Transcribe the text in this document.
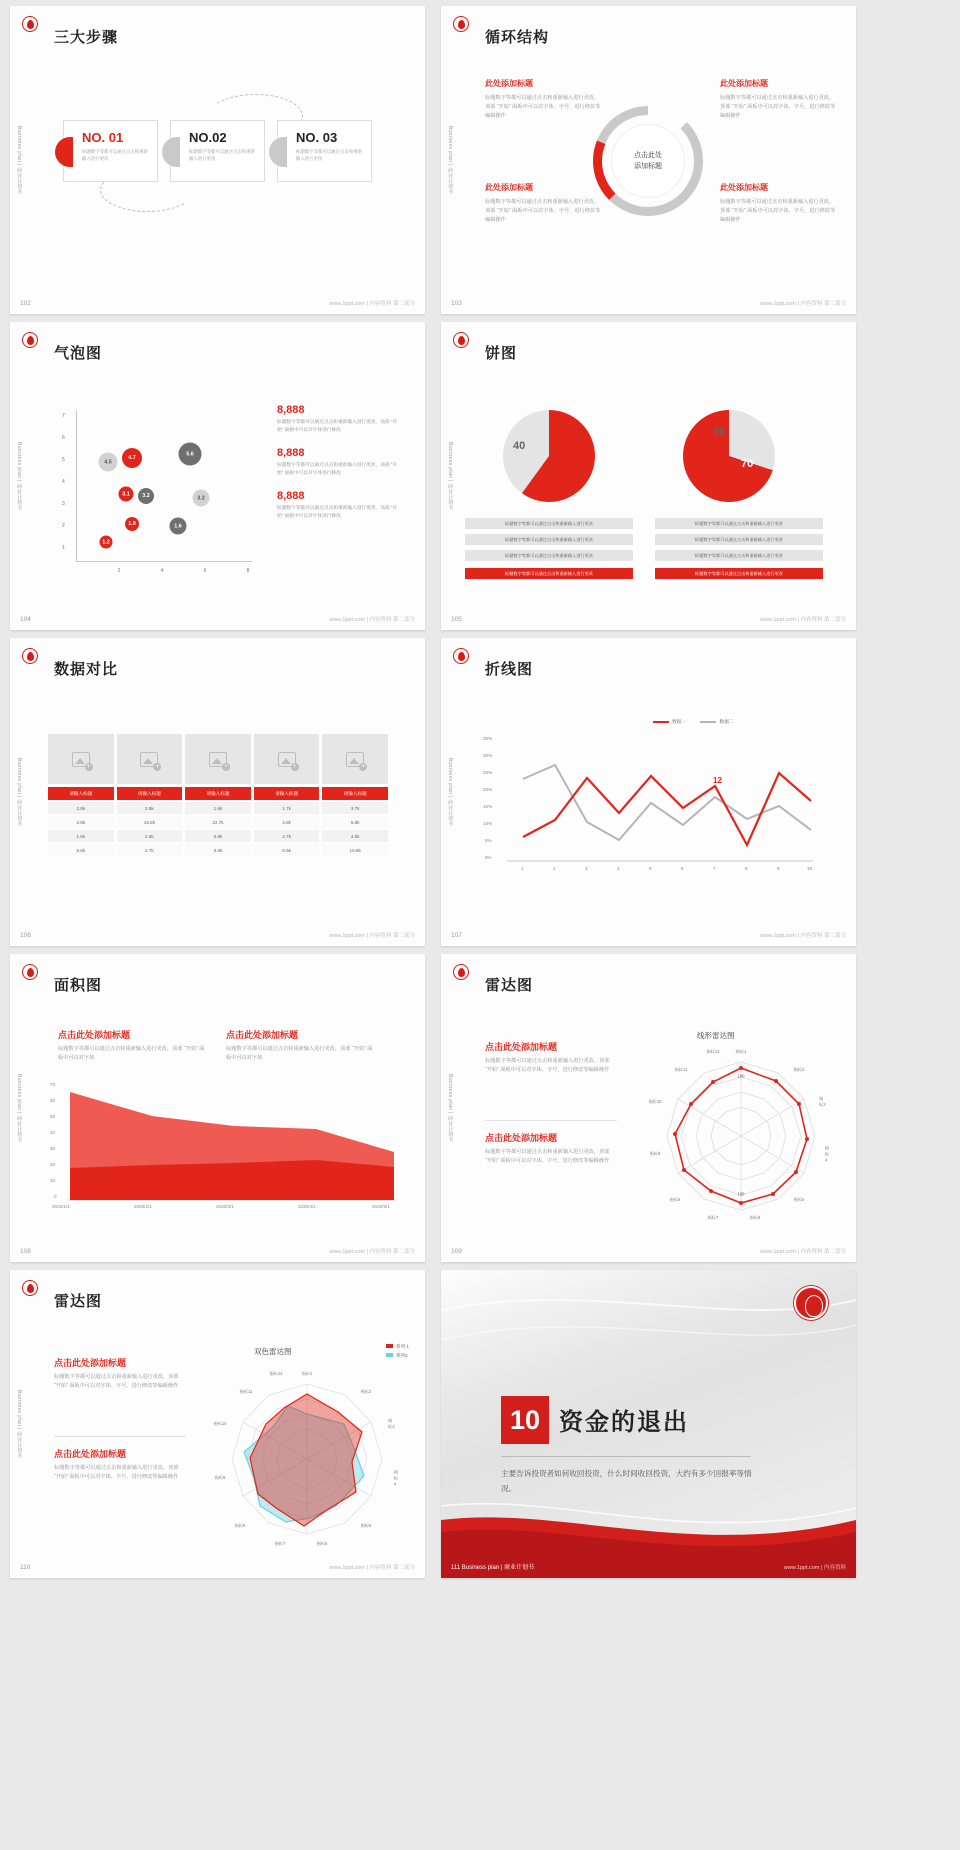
Business plan | 商业计划书
三大步骤
NO. 01
标题数字等都可以通过点击和重新输入进行更改
NO.02
标题数字等都可以通过点击和重新输入进行更改
NO. 03
标题数字等都可以通过点击和重新输入进行更改
102	www.1ppt.com | 内容资料 第二部分
Business plan | 商业计划书
循环结构
点击此处
添加标题
此处添加标题
标题数字等都可以通过点击和重新输入进行更改，顶部 “开始” 面板中可以对字体、字号，进行修改等编辑操作
此处添加标题
标题数字等都可以通过点击和重新输入进行更改，顶部 “开始” 面板中可以对字体、字号，进行修改等编辑操作
此处添加标题
标题数字等都可以通过点击和重新输入进行更改，顶部 “开始” 面板中可以对字体、字号，进行修改等编辑操作
此处添加标题
标题数字等都可以通过点击和重新输入进行更改，顶部 “开始” 面板中可以对字体、字号，进行修改等编辑操作
103	www.1ppt.com | 内容资料 第二部分
Business plan | 商业计划书
气泡图
7
6
5
4
3
2
1
2	4	6	8
4.5
4.7
3.1	3.2
5.6
3.2
1.9
1.2
1.6
8,888
标题数字等都可以通过点击和重新输入进行更改，顶部 “开始” 面板中可以对字体进行修改
8,888
标题数字等都可以通过点击和重新输入进行更改，顶部 “开始” 面板中可以对字体进行修改
8,888
标题数字等都可以通过点击和重新输入进行更改，顶部 “开始” 面板中可以对字体进行修改
104	www.1ppt.com | 内容资料 第二部分
Business plan | 商业计划书
饼图
60
40
30
70
标题数字等都可以通过点击和重新输入进行更改
标题数字等都可以通过点击和重新输入进行更改
标题数字等都可以通过点击和重新输入进行更改
标题数字等都可以通过点击和重新输入进行更改
标题数字等都可以通过点击和重新输入进行更改
标题数字等都可以通过点击和重新输入进行更改
标题数字等都可以通过点击和重新输入进行更改
标题数字等都可以通过点击和重新输入进行更改
105	www.1ppt.com | 内容资料 第二部分
Business plan | 商业计划书
数据对比
+
+
+
+
+
请输入标题	请输入标题	请输入标题	请输入标题	请输入标题
2.8k	2.5k	1.6k	1.7k	3.7k
2.8k	16.8k	22.7k	4.8k	5.8k
1.6k	2.6k	6.8k	4.7k	4.5k
5.6k	2.7k	3.0k	6.5k	10.8k
106	www.1ppt.com | 内容资料 第二部分
Business plan | 商业计划书
折线图
数据一	数据二
35%
30%
25%
20%
15%
10%
5%
0%
1	2	3	4	5	6	7	8	9	10
12
107	www.1ppt.com | 内容资料 第二部分
Business plan | 商业计划书
面积图
点击此处添加标题
标题数字等都可以通过点击和重新输入进行更改，顶部 “开始” 面板中可以对字体
点击此处添加标题
标题数字等都可以通过点击和重新输入进行更改，顶部 “开始” 面板中可以对字体
70
60
50
40
30
20
10
0
2020/1/1	2020/2/1	2020/3/1	2020/4/1	2020/5/1
108	www.1ppt.com | 内容资料 第二部分
Business plan | 商业计划书
雷达图
点击此处添加标题
标题数字等都可以通过点击和重新输入进行更改，顶部 “开始” 面板中可以对字体、字号，进行修改等编辑操作
点击此处添加标题
标题数字等都可以通过点击和重新输入进行更改，顶部 “开始” 面板中可以对字体、字号，进行修改等编辑操作
线形雷达图
指标1
指标2
指标3
指标4
指标5
指标6
指标7
指标8
指标9
指标10
指标11
指标12
100
100
109	www.1ppt.com | 内容资料 第二部分
Business plan | 商业计划书
雷达图
点击此处添加标题
标题数字等都可以通过点击和重新输入进行更改，顶部 “开始” 面板中可以对字体、字号，进行修改等编辑操作
点击此处添加标题
标题数字等都可以通过点击和重新输入进行更改，顶部 “开始” 面板中可以对字体、字号，进行修改等编辑操作
双色雷达图
系列 1
系列2
指标1
指标2
指标3
指标4
指标5
指标6
指标7
指标8
指标9
指标10
指标11
指标12
110	www.1ppt.com | 内容资料 第二部分
10 资金的退出
主要告诉投资者如何收回投资，什么时间收回投资，大约有多少回报率等情况。
111 Business plan | 商业计划书	www.1ppt.com | 内容资料
